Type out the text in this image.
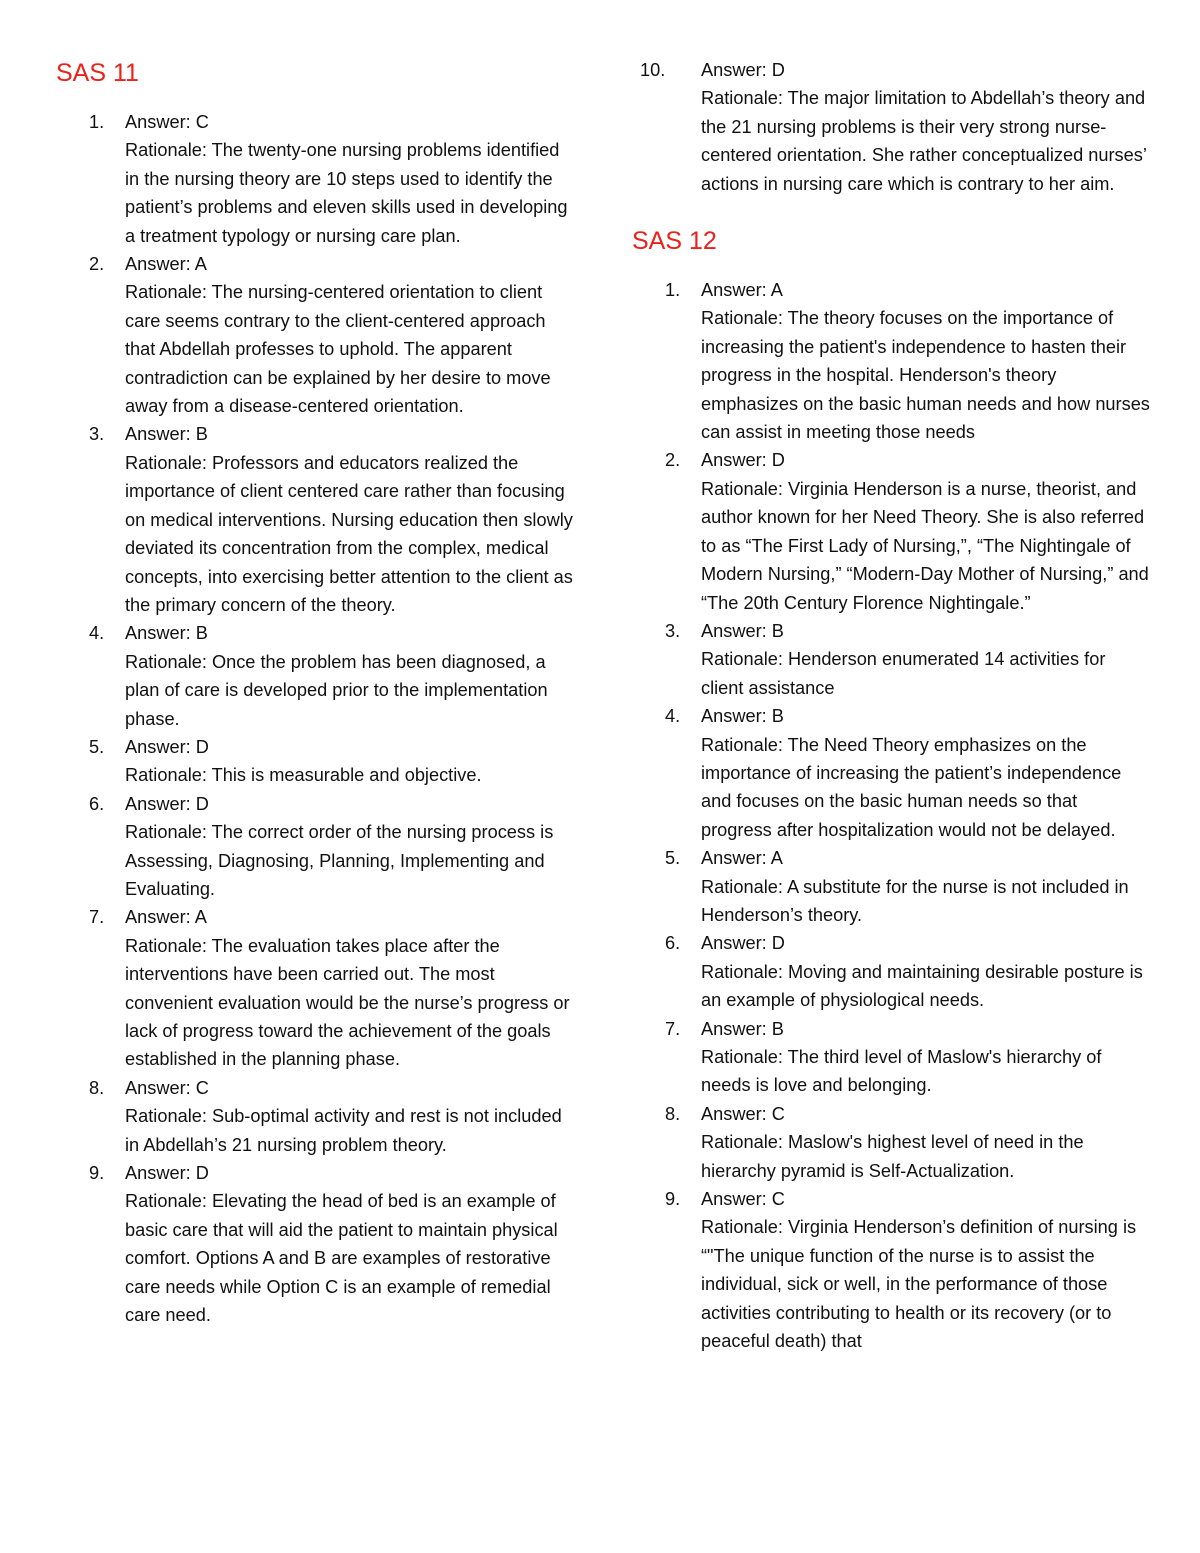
SAS 11
1. Answer: C
Rationale: The twenty-one nursing problems identified in the nursing theory are 10 steps used to identify the patient’s problems and eleven skills used in developing a treatment typology or nursing care plan.
2. Answer: A
Rationale: The nursing-centered orientation to client care seems contrary to the client-centered approach that Abdellah professes to uphold. The apparent contradiction can be explained by her desire to move away from a disease-centered orientation.
3. Answer: B
Rationale: Professors and educators realized the importance of client centered care rather than focusing on medical interventions. Nursing education then slowly deviated its concentration from the complex, medical concepts, into exercising better attention to the client as the primary concern of the theory.
4. Answer: B
Rationale: Once the problem has been diagnosed, a plan of care is developed prior to the implementation phase.
5. Answer: D
Rationale: This is measurable and objective.
6. Answer: D
Rationale: The correct order of the nursing process is Assessing, Diagnosing, Planning, Implementing and Evaluating.
7. Answer: A
Rationale: The evaluation takes place after the interventions have been carried out. The most convenient evaluation would be the nurse’s progress or lack of progress toward the achievement of the goals established in the planning phase.
8. Answer: C
Rationale: Sub-optimal activity and rest is not included in Abdellah’s 21 nursing problem theory.
9. Answer: D
Rationale: Elevating the head of bed is an example of basic care that will aid the patient to maintain physical comfort. Options A and B are examples of restorative care needs while Option C is an example of remedial care need.
10. Answer: D
Rationale: The major limitation to Abdellah’s theory and the 21 nursing problems is their very strong nurse-centered orientation. She rather conceptualized nurses’ actions in nursing care which is contrary to her aim.
SAS 12
1. Answer: A
Rationale: The theory focuses on the importance of increasing the patient's independence to hasten their progress in the hospital. Henderson's theory emphasizes on the basic human needs and how nurses can assist in meeting those needs
2. Answer: D
Rationale: Virginia Henderson is a nurse, theorist, and author known for her Need Theory. She is also referred to as “The First Lady of Nursing,”, “The Nightingale of Modern Nursing,” “Modern-Day Mother of Nursing,” and “The 20th Century Florence Nightingale.”
3. Answer: B
Rationale: Henderson enumerated 14 activities for client assistance
4. Answer: B
Rationale: The Need Theory emphasizes on the importance of increasing the patient’s independence and focuses on the basic human needs so that progress after hospitalization would not be delayed.
5. Answer: A
Rationale: A substitute for the nurse is not included in Henderson’s theory.
6. Answer: D
Rationale: Moving and maintaining desirable posture is an example of physiological needs.
7. Answer: B
Rationale: The third level of Maslow's hierarchy of needs is love and belonging.
8. Answer: C
Rationale: Maslow's highest level of need in the hierarchy pyramid is Self-Actualization.
9. Answer: C
Rationale: Virginia Henderson’s definition of nursing is “"The unique function of the nurse is to assist the individual, sick or well, in the performance of those activities contributing to health or its recovery (or to peaceful death) that
